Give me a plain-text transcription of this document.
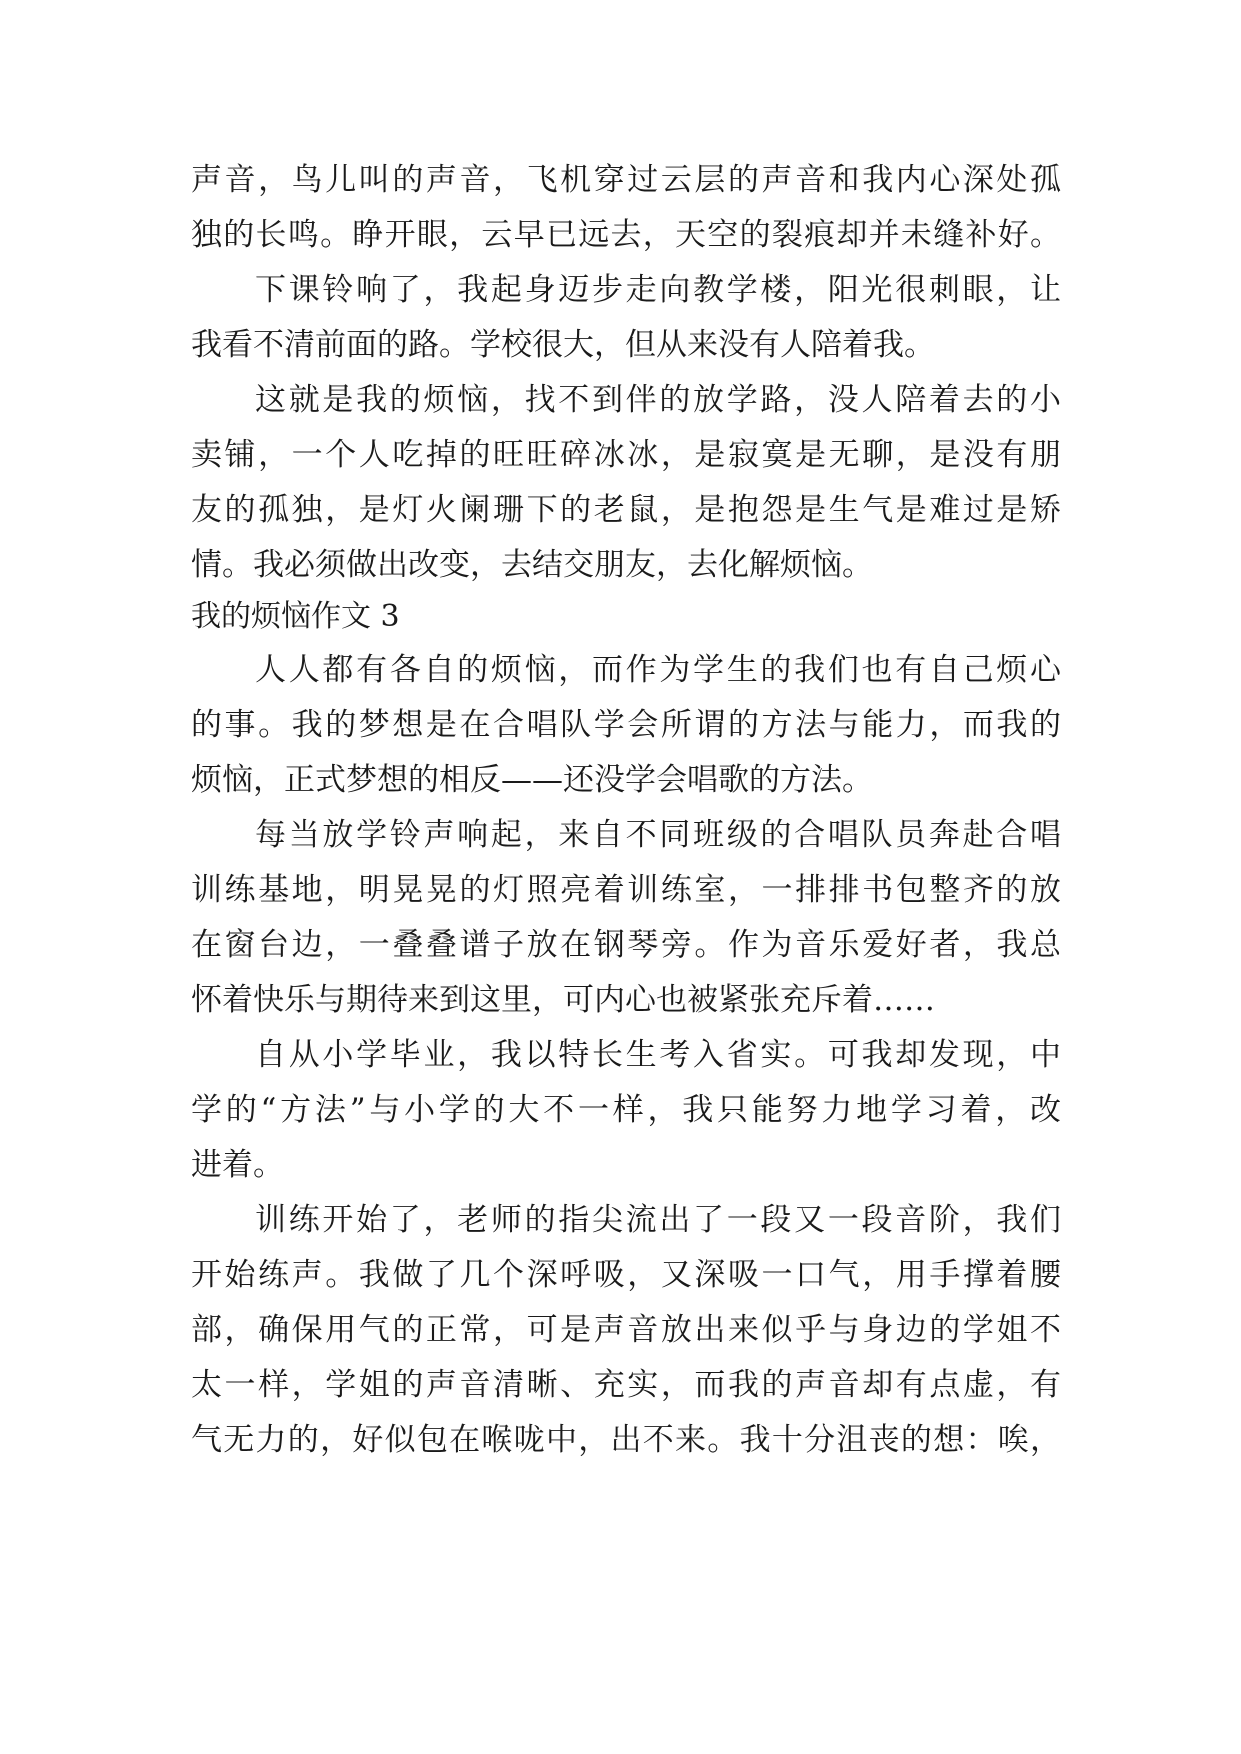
声音，鸟儿叫的声音，飞机穿过云层的声音和我内心深处孤
独的长鸣。睁开眼，云早已远去，天空的裂痕却并未缝补好。
下课铃响了，我起身迈步走向教学楼，阳光很刺眼，让
我看不清前面的路。学校很大，但从来没有人陪着我。
这就是我的烦恼，找不到伴的放学路，没人陪着去的小
卖铺，一个人吃掉的旺旺碎冰冰，是寂寞是无聊，是没有朋
友的孤独，是灯火阑珊下的老鼠，是抱怨是生气是难过是矫
情。我必须做出改变，去结交朋友，去化解烦恼。
我的烦恼作文 3
人人都有各自的烦恼，而作为学生的我们也有自己烦心
的事。我的梦想是在合唱队学会所谓的方法与能力，而我的
烦恼，正式梦想的相反——还没学会唱歌的方法。
每当放学铃声响起，来自不同班级的合唱队员奔赴合唱
训练基地，明晃晃的灯照亮着训练室，一排排书包整齐的放
在窗台边，一叠叠谱子放在钢琴旁。作为音乐爱好者，我总
怀着快乐与期待来到这里，可内心也被紧张充斥着……
自从小学毕业，我以特长生考入省实。可我却发现，中
学的“方法”与小学的大不一样，我只能努力地学习着，改
进着。
训练开始了，老师的指尖流出了一段又一段音阶，我们
开始练声。我做了几个深呼吸，又深吸一口气，用手撑着腰
部，确保用气的正常，可是声音放出来似乎与身边的学姐不
太一样，学姐的声音清晰、充实，而我的声音却有点虚，有
气无力的，好似包在喉咙中，出不来。我十分沮丧的想：唉，
